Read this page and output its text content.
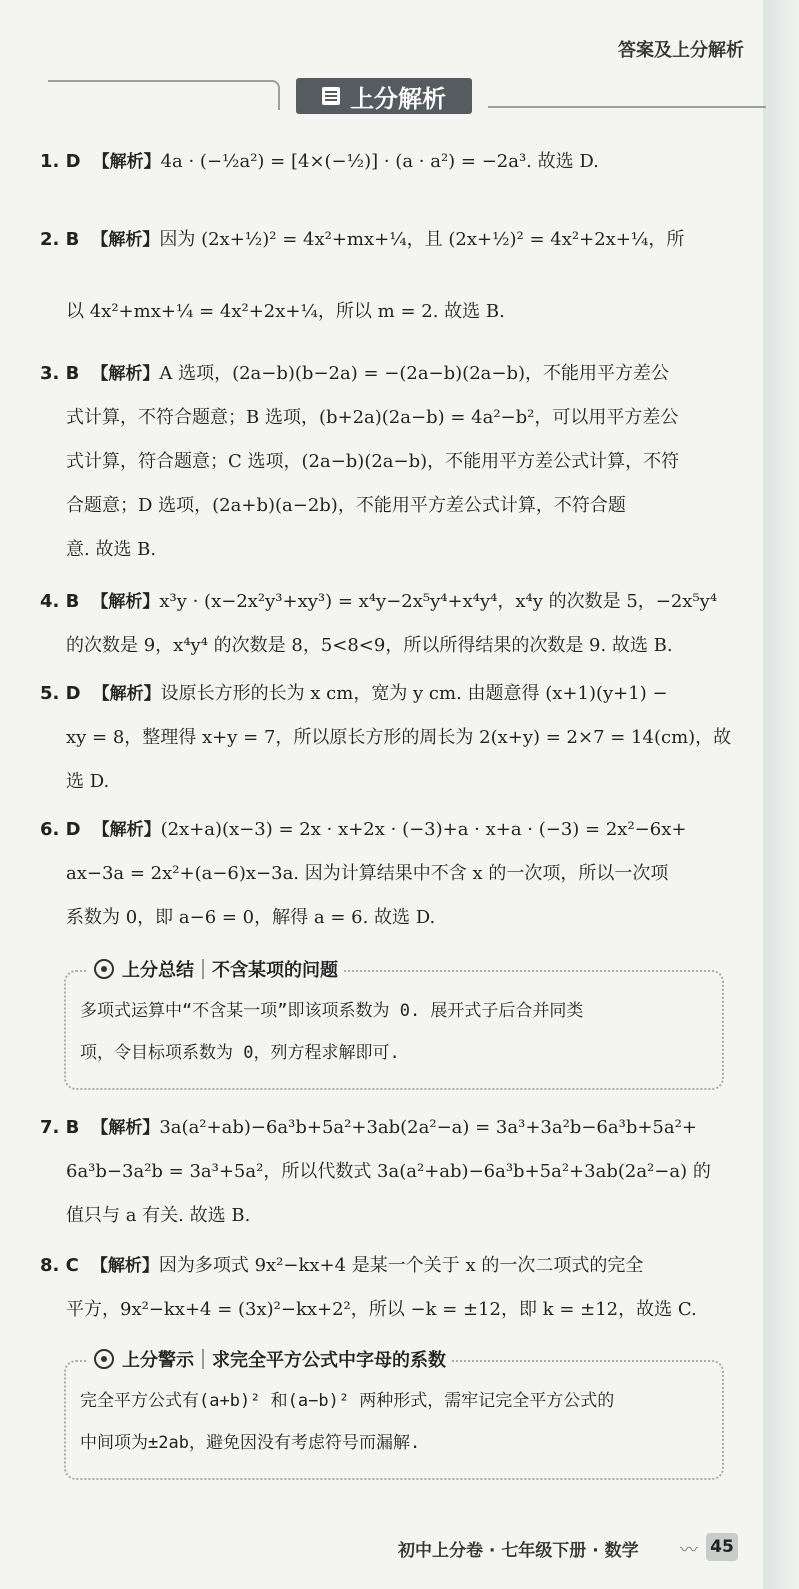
答案及上分解析
上分解析
1. D 【解析】4a · (−½a²) = [4×(−½)] · (a · a²) = −2a³. 故选 D.
2. B 【解析】因为 (2x+½)² = 4x²+mx+¼，且 (2x+½)² = 4x²+2x+¼，所
以 4x²+mx+¼ = 4x²+2x+¼，所以 m = 2. 故选 B.
3. B 【解析】A 选项，(2a−b)(b−2a) = −(2a−b)(2a−b)，不能用平方差公
式计算，不符合题意；B 选项，(b+2a)(2a−b) = 4a²−b²，可以用平方差公
式计算，符合题意；C 选项，(2a−b)(2a−b)，不能用平方差公式计算，不符
合题意；D 选项，(2a+b)(a−2b)，不能用平方差公式计算，不符合题
意. 故选 B.
4. B 【解析】x³y · (x−2x²y³+xy³) = x⁴y−2x⁵y⁴+x⁴y⁴，x⁴y 的次数是 5，−2x⁵y⁴
的次数是 9，x⁴y⁴ 的次数是 8，5<8<9，所以所得结果的次数是 9. 故选 B.
5. D 【解析】设原长方形的长为 x cm，宽为 y cm. 由题意得 (x+1)(y+1) −
xy = 8，整理得 x+y = 7，所以原长方形的周长为 2(x+y) = 2×7 = 14(cm)，故
选 D.
6. D 【解析】(2x+a)(x−3) = 2x · x+2x · (−3)+a · x+a · (−3) = 2x²−6x+
ax−3a = 2x²+(a−6)x−3a. 因为计算结果中不含 x 的一次项，所以一次项
系数为 0，即 a−6 = 0，解得 a = 6. 故选 D.
上分总结 不含某项的问题
多项式运算中“不含某一项”即该项系数为 0. 展开式子后合并同类
项，令目标项系数为 0，列方程求解即可.
7. B 【解析】3a(a²+ab)−6a³b+5a²+3ab(2a²−a) = 3a³+3a²b−6a³b+5a²+
6a³b−3a²b = 3a³+5a²，所以代数式 3a(a²+ab)−6a³b+5a²+3ab(2a²−a) 的
值只与 a 有关. 故选 B.
8. C 【解析】因为多项式 9x²−kx+4 是某一个关于 x 的一次二项式的完全
平方，9x²−kx+4 = (3x)²−kx+2²，所以 −k = ±12，即 k = ±12，故选 C.
上分警示 求完全平方公式中字母的系数
完全平方公式有(a+b)² 和(a−b)² 两种形式，需牢记完全平方公式的
中间项为±2ab，避免因没有考虑符号而漏解.
初中上分卷 · 七年级下册 · 数学 〰 45
